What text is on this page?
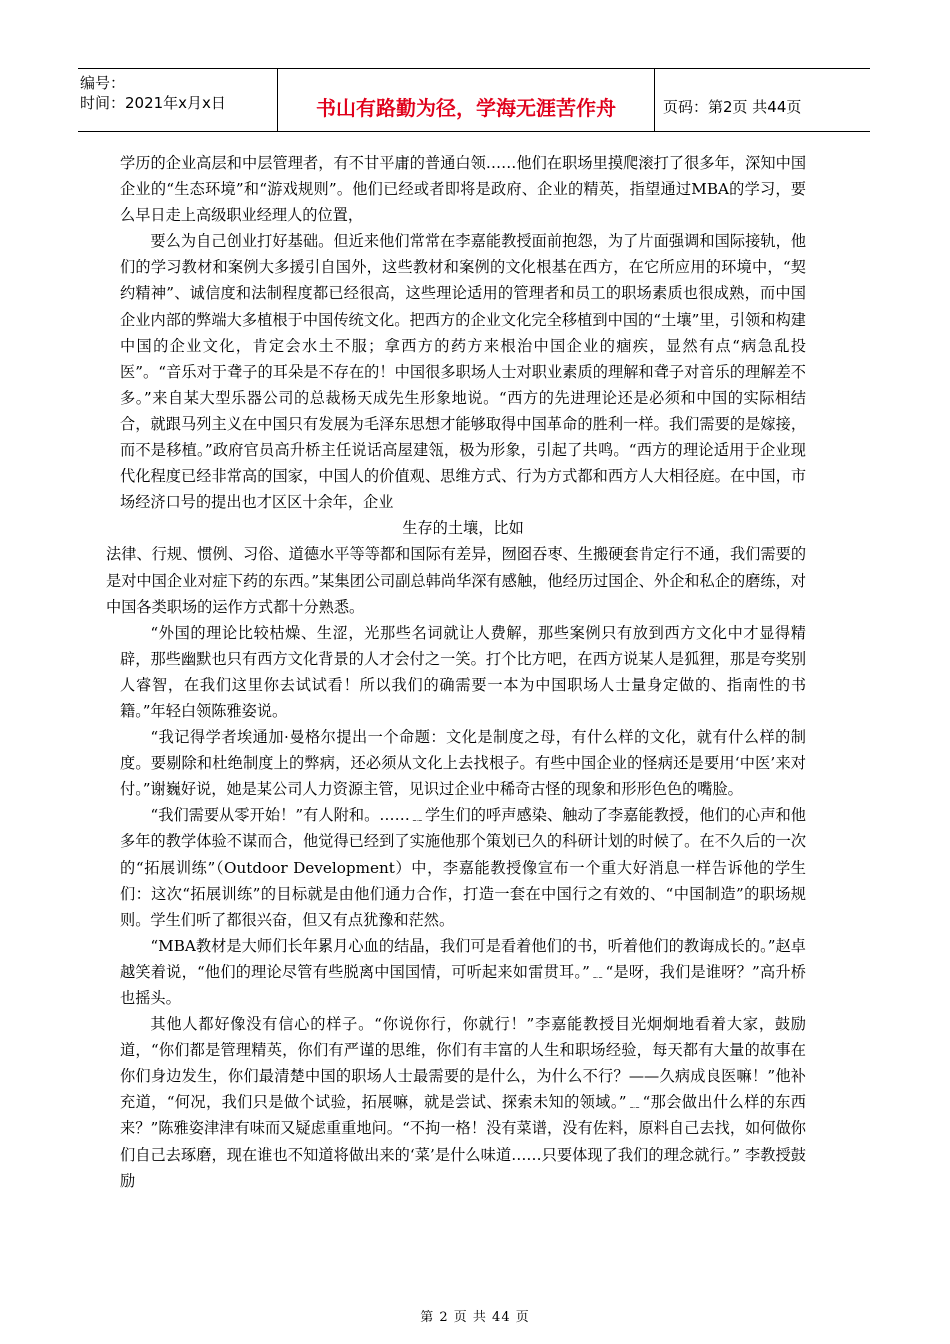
编号：
时间：2021年x月x日	书山有路勤为径，学海无涯苦作舟	页码：第2页 共44页

学历的企业高层和中层管理者，有不甘平庸的普通白领……他们在职场里摸爬滚打了很多年，深知中国企业的“生态环境”和“游戏规则”。他们已经或者即将是政府、企业的精英，指望通过MBA的学习，要么早日走上高级职业经理人的位置，

要么为自己创业打好基础。但近来他们常常在李嘉能教授面前抱怨，为了片面强调和国际接轨，他们的学习教材和案例大多援引自国外，这些教材和案例的文化根基在西方，在它所应用的环境中，“契约精神”、诚信度和法制程度都已经很高，这些理论适用的管理者和员工的职场素质也很成熟，而中国企业内部的弊端大多植根于中国传统文化。把西方的企业文化完全移植到中国的“土壤”里，引领和构建中国的企业文化，肯定会水土不服；拿西方的药方来根治中国企业的痼疾，显然有点“病急乱投医”。“音乐对于聋子的耳朵是不存在的！中国很多职场人士对职业素质的理解和聋子对音乐的理解差不多。”来自某大型乐器公司的总裁杨天成先生形象地说。“西方的先进理论还是必须和中国的实际相结合，就跟马列主义在中国只有发展为毛泽东思想才能够取得中国革命的胜利一样。我们需要的是嫁接，而不是移植。”政府官员高升桥主任说话高屋建瓴，极为形象，引起了共鸣。“西方的理论适用于企业现代化程度已经非常高的国家，中国人的价值观、思维方式、行为方式都和西方人大相径庭。在中国，市场经济口号的提出也才区区十余年，企业

生存的土壤，比如

法律、行规、惯例、习俗、道德水平等等都和国际有差异，囫囵吞枣、生搬硬套肯定行不通，我们需要的是对中国企业对症下药的东西。”某集团公司副总韩尚华深有感触，他经历过国企、外企和私企的磨练，对中国各类职场的运作方式都十分熟悉。

“外国的理论比较枯燥、生涩，光那些名词就让人费解，那些案例只有放到西方文化中才显得精辟，那些幽默也只有西方文化背景的人才会付之一笑。打个比方吧，在西方说某人是狐狸，那是夸奖别人睿智，在我们这里你去试试看！所以我们的确需要一本为中国职场人士量身定做的、指南性的书籍。”年轻白领陈雅姿说。

“我记得学者埃通加·曼格尔提出一个命题：文化是制度之母，有什么样的文化，就有什么样的制度。要剔除和杜绝制度上的弊病，还必须从文化上去找根子。有些中国企业的怪病还是要用‘中医’来对付。”谢巍好说，她是某公司人力资源主管，见识过企业中稀奇古怪的现象和形形色色的嘴脸。

“我们需要从零开始！”有人附和。……﹎学生们的呼声感染、触动了李嘉能教授，他们的心声和他多年的教学体验不谋而合，他觉得已经到了实施他那个策划已久的科研计划的时候了。在不久后的一次的“拓展训练”（Outdoor Development）中，李嘉能教授像宣布一个重大好消息一样告诉他的学生们：这次“拓展训练”的目标就是由他们通力合作，打造一套在中国行之有效的、“中国制造”的职场规则。学生们听了都很兴奋，但又有点犹豫和茫然。

“MBA教材是大师们长年累月心血的结晶，我们可是看着他们的书，听着他们的教诲成长的。”赵卓越笑着说，“他们的理论尽管有些脱离中国国情，可听起来如雷贯耳。”﹎“是呀，我们是谁呀？”高升桥也摇头。

其他人都好像没有信心的样子。“你说你行，你就行！”李嘉能教授目光炯炯地看着大家，鼓励道，“你们都是管理精英，你们有严谨的思维，你们有丰富的人生和职场经验，每天都有大量的故事在你们身边发生，你们最清楚中国的职场人士最需要的是什么，为什么不行？——久病成良医嘛！”他补充道，“何况，我们只是做个试验，拓展嘛，就是尝试、探索未知的领域。”﹎“那会做出什么样的东西来？”陈雅姿津津有味而又疑虑重重地问。“不拘一格！没有菜谱，没有佐料，原料自己去找，如何做你们自己去琢磨，现在谁也不知道将做出来的‘菜’是什么味道……只要体现了我们的理念就行。” 李教授鼓励

第 2 页 共 44 页
